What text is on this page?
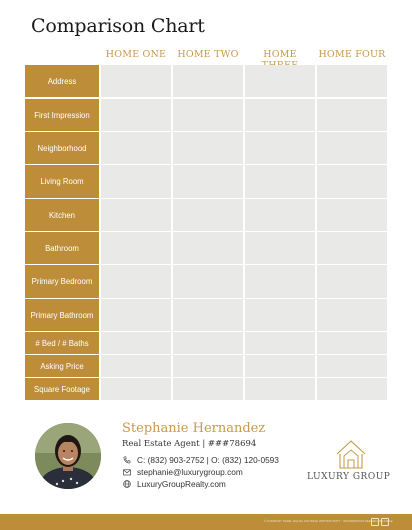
Comparison Chart
HOME ONE	HOME TWO	HOME	HOME FOUR
Address
First Impression
Neighborhood
Living Room
Kitchen
Bathroom
Primary Bedroom
Primary Bathroom
# Bed / # Baths
Asking Price
Square Footage
Stephanie Hernandez
Real Estate Agent | ###78694
C: (832) 903-2752 | O: (832) 120-0593
stephanie@luxurygroup.com
LuxuryGroupRealty.com
LUXURY GROUP
© COMPANY NAME. EQUAL HOUSING OPPORTUNITY · INFORMATION DEEMED RELIABLE
